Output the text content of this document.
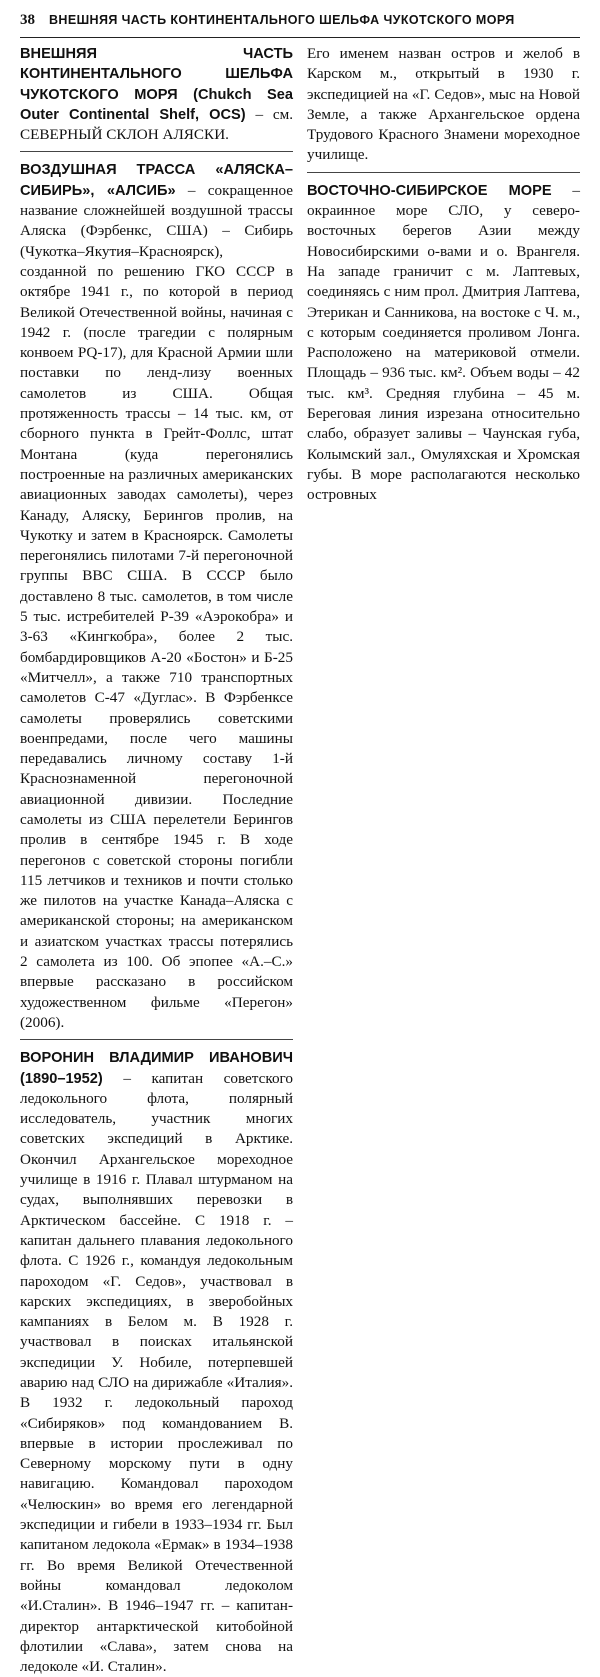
38 ВНЕШНЯЯ ЧАСТЬ КОНТИНЕНТАЛЬНОГО ШЕЛЬФА ЧУКОТСКОГО МОРЯ

ВНЕШНЯЯ ЧАСТЬ КОНТИНЕНТАЛЬНОГО ШЕЛЬФА ЧУКОТСКОГО МОРЯ (Chukch Sea Outer Continental Shelf, OCS) – см. СЕВЕРНЫЙ СКЛОН АЛЯСКИ.

ВОЗДУШНАЯ ТРАССА «АЛЯСКА–СИБИРЬ», «АЛСИБ» – сокращенное название сложнейшей воздушной трассы Аляска (Фэрбенкс, США) – Сибирь (Чукотка–Якутия–Красноярск), созданной по решению ГКО СССР в октябре 1941 г., по которой в период Великой Отечественной войны, начиная с 1942 г. (после трагедии с полярным конвоем PQ-17), для Красной Армии шли поставки по ленд-лизу военных самолетов из США. Общая протяженность трассы – 14 тыс. км, от сборного пункта в Грейт-Фоллс, штат Монтана (куда перегонялись построенные на различных американских авиационных заводах самолеты), через Канаду, Аляску, Берингов пролив, на Чукотку и затем в Красноярск. Самолеты перегонялись пилотами 7-й перегоночной группы ВВС США. В СССР было доставлено 8 тыс. самолетов, в том числе 5 тыс. истребителей Р-39 «Аэрокобра» и 3-63 «Кингкобра», более 2 тыс. бомбардировщиков А-20 «Бостон» и Б-25 «Митчелл», а также 710 транспортных самолетов С-47 «Дуглас». В Фэрбенксе самолеты проверялись советскими военпредами, после чего машины передавались личному составу 1-й Краснознаменной перегоночной авиационной дивизии. Последние самолеты из США перелетели Берингов пролив в сентябре 1945 г. В ходе перегонов с советской стороны погибли 115 летчиков и техников и почти столько же пилотов на участке Канада–Аляска с американской стороны; на американском и азиатском участках трассы потерялись 2 самолета из 100. Об эпопее «А.–С.» впервые рассказано в российском художественном фильме «Перегон» (2006).

ВОРОНИН ВЛАДИМИР ИВАНОВИЧ (1890–1952) – капитан советского ледокольного флота, полярный исследователь, участник многих советских экспедиций в Арктике. Окончил Архангельское мореходное училище в 1916 г. Плавал штурманом на судах, выполнявших перевозки в Арктическом бассейне. С 1918 г. – капитан дальнего плавания ледокольного флота. С 1926 г., командуя ледокольным пароходом «Г. Седов», участвовал в карских экспедициях, в зверобойных кампаниях в Белом м. В 1928 г. участвовал в поисках итальянской экспедиции У. Нобиле, потерпевшей аварию над СЛО на дирижабле «Италия». В 1932 г. ледокольный пароход «Сибиряков» под командованием В. впервые в истории прослеживал по Северному морскому пути в одну навигацию. Командовал пароходом «Челюскин» во время его легендарной экспедиции и гибели в 1933–1934 гг. Был капитаном ледокола «Ермак» в 1934–1938 гг. Во время Великой Отечественной войны командовал ледоколом «И.Сталин». В 1946–1947 гг. – капитан-директор антарктической китобойной флотилии «Слава», затем снова на ледоколе «И. Сталин».

Его именем назван остров и желоб в Карском м., открытый в 1930 г. экспедицией на «Г. Седов», мыс на Новой Земле, а также Архангельское ордена Трудового Красного Знамени мореходное училище.

ВОСТОЧНО-СИБИРСКОЕ МОРЕ – окраинное море СЛО, у северо-восточных берегов Азии между Новосибирскими о-вами и о. Врангеля. На западе граничит с м. Лаптевых, соединяясь с ним прол. Дмитрия Лаптева, Этерикан и Санникова, на востоке с Ч. м., с которым соединяется проливом Лонга. Расположено на материковой отмели. Площадь – 936 тыс. км². Объем воды – 42 тыс. км³. Средняя глубина – 45 м. Береговая линия изрезана относительно слабо, образует заливы – Чаунская губа, Колымский зал., Омуляхская и Хромская губы. В море располагаются несколько островных
